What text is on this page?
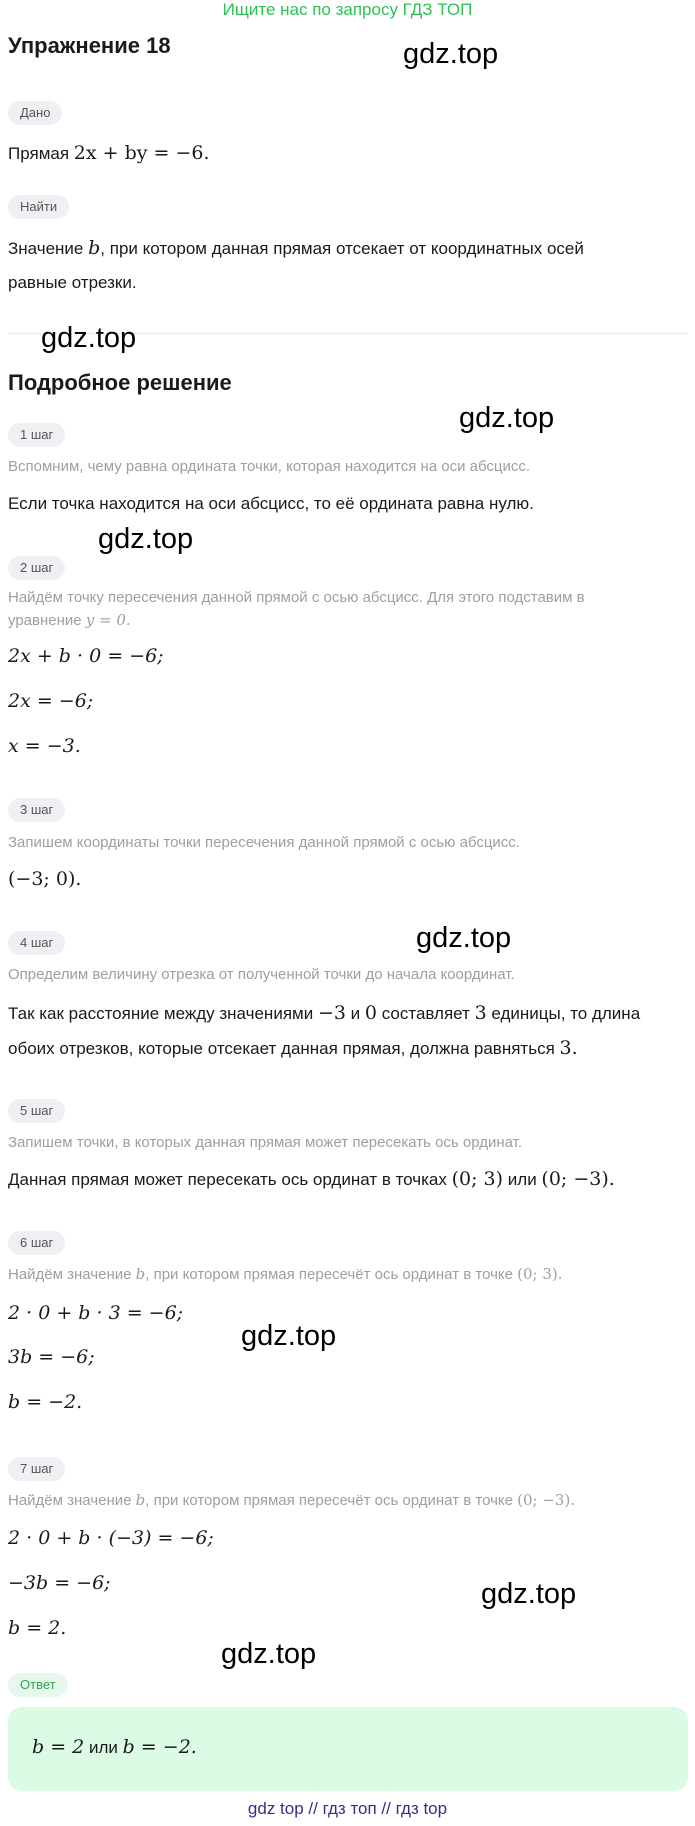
Ищите нас по запросу ГДЗ ТОП
Упражнение 18	gdz.top
Дано
Прямая 2x + by = −6.
Найти
Значение b, при котором данная прямая отсекает от координатных осей
равные отрезки.
gdz.top
Подробное решение
gdz.top
1 шаг
Вспомним, чему равна ордината точки, которая находится на оси абсцисс.
Если точка находится на оси абсцисс, то её ордината равна нулю.
gdz.top
2 шаг
Найдём точку пересечения данной прямой с осью абсцисс. Для этого подставим в
уравнение y = 0.
2x + b · 0 = −6;
2x = −6;
x = −3.
3 шаг
Запишем координаты точки пересечения данной прямой с осью абсцисс.
(−3; 0).
gdz.top
4 шаг
Определим величину отрезка от полученной точки до начала координат.
Так как расстояние между значениями −3 и 0 составляет 3 единицы, то длина
обоих отрезков, которые отсекает данная прямая, должна равняться 3.
5 шаг
Запишем точки, в которых данная прямая может пересекать ось ординат.
Данная прямая может пересекать ось ординат в точках (0; 3) или (0; −3).
6 шаг
Найдём значение b, при котором прямая пересечёт ось ординат в точке (0; 3).
2 · 0 + b · 3 = −6;
3b = −6;
gdz.top
b = −2.
7 шаг
Найдём значение b, при котором прямая пересечёт ось ординат в точке (0; −3).
2 · 0 + b · (−3) = −6;
−3b = −6;	gdz.top
b = 2.
gdz.top
Ответ
b = 2 или b = −2.
gdz top // гдз топ // гдз top
